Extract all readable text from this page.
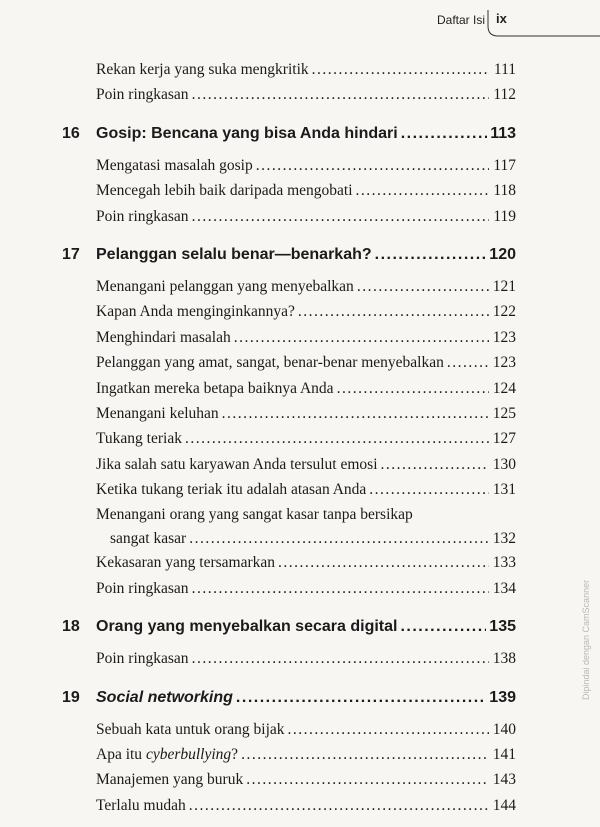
Daftar Isi ix
Rekan kerja yang suka mengkritik .....	111
Poin ringkasan .....	112
16 Gosip: Bencana yang bisa Anda hindari .....	113
Mengatasi masalah gosip .....	117
Mencegah lebih baik daripada mengobati .....	118
Poin ringkasan .....	119
17 Pelanggan selalu benar—benarkah? .....	120
Menangani pelanggan yang menyebalkan .....	121
Kapan Anda menginginkannya? .....	122
Menghindari masalah .....	123
Pelanggan yang amat, sangat, benar-benar menyebalkan .....	123
Ingatkan mereka betapa baiknya Anda .....	124
Menangani keluhan .....	125
Tukang teriak .....	127
Jika salah satu karyawan Anda tersulut emosi .....	130
Ketika tukang teriak itu adalah atasan Anda .....	131
Menangani orang yang sangat kasar tanpa bersikap
sangat kasar .....	132
Kekasaran yang tersamarkan .....	133
Poin ringkasan .....	134
18 Orang yang menyebalkan secara digital .....	135
Poin ringkasan .....	138
19 Social networking .....	139
Sebuah kata untuk orang bijak .....	140
Apa itu cyberbullying? .....	141
Manajemen yang buruk .....	143
Terlalu mudah .....	144
Dipindai dengan CamScanner
